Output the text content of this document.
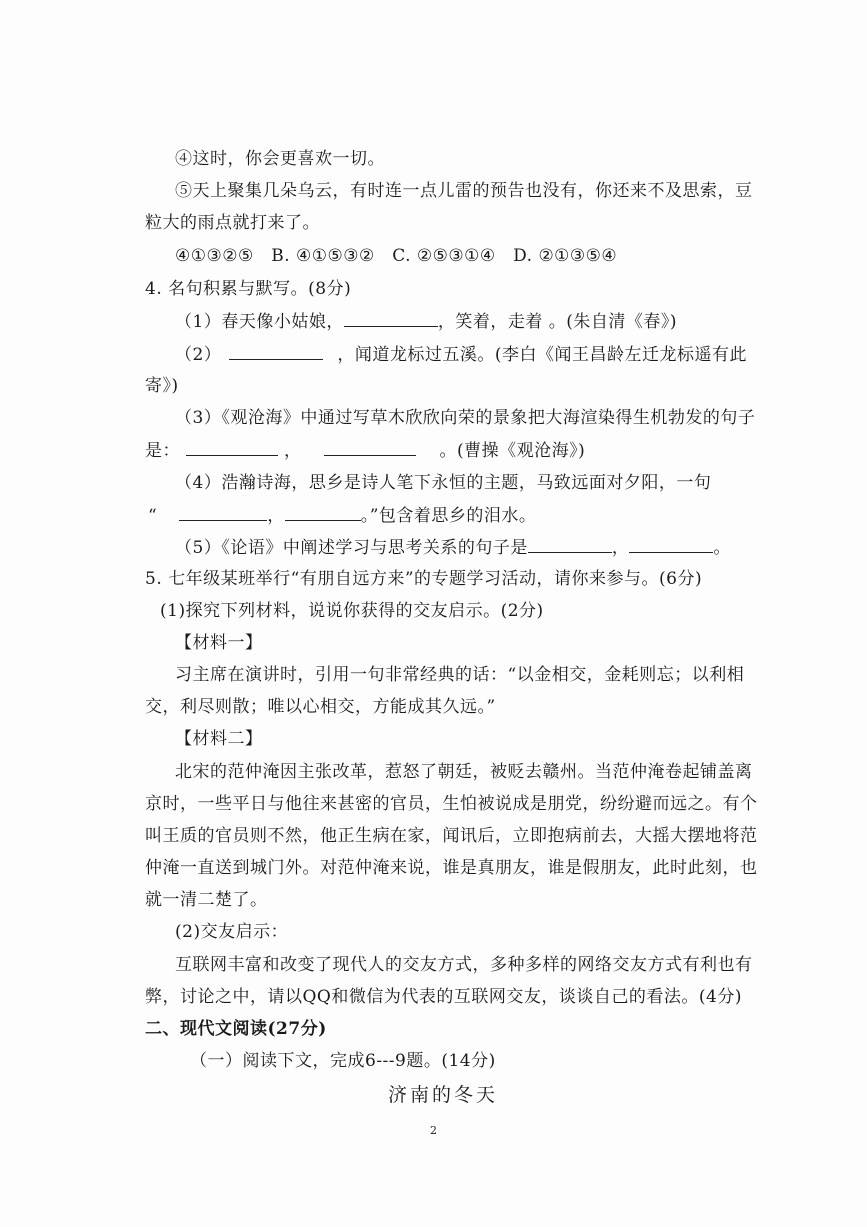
④这时，你会更喜欢一切。
⑤天上聚集几朵乌云，有时连一点儿雷的预告也没有，你还来不及思索，豆
粒大的雨点就打来了。
④①③②⑤　B. ④①⑤③②　C. ②⑤③①④　D. ②①③⑤④
4. 名句积累与默写。(8分)
（1）春天像小姑娘，	，笑着，走着 。(朱自清《春》)
（2）	，闻道龙标过五溪。(李白《闻王昌龄左迁龙标遥有此
寄》)
（3）《观沧海》中通过写草木欣欣向荣的景象把大海渲染得生机勃发的句子
是：	，	。(曹操《观沧海》)
（4）浩瀚诗海，思乡是诗人笔下永恒的主题，马致远面对夕阳，一句
“	，	。”包含着思乡的泪水。
（5）《论语》中阐述学习与思考关系的句子是	，	。
5. 七年级某班举行“有朋自远方来”的专题学习活动，请你来参与。(6分)
(1)探究下列材料，说说你获得的交友启示。(2分)
【材料一】
习主席在演讲时，引用一句非常经典的话：“以金相交，金耗则忘；以利相
交，利尽则散；唯以心相交，方能成其久远。”
【材料二】
北宋的范仲淹因主张改革，惹怒了朝廷，被贬去赣州。当范仲淹卷起铺盖离
京时，一些平日与他往来甚密的官员，生怕被说成是朋党，纷纷避而远之。有个
叫王质的官员则不然，他正生病在家，闻讯后，立即抱病前去，大摇大摆地将范
仲淹一直送到城门外。对范仲淹来说，谁是真朋友，谁是假朋友，此时此刻，也
就一清二楚了。
(2)交友启示：
互联网丰富和改变了现代人的交友方式，多种多样的网络交友方式有利也有
弊，讨论之中，请以QQ和微信为代表的互联网交友，谈谈自己的看法。(4分)
二、现代文阅读(27分)
（一）阅读下文，完成6---9题。(14分)
济南的冬天
2
